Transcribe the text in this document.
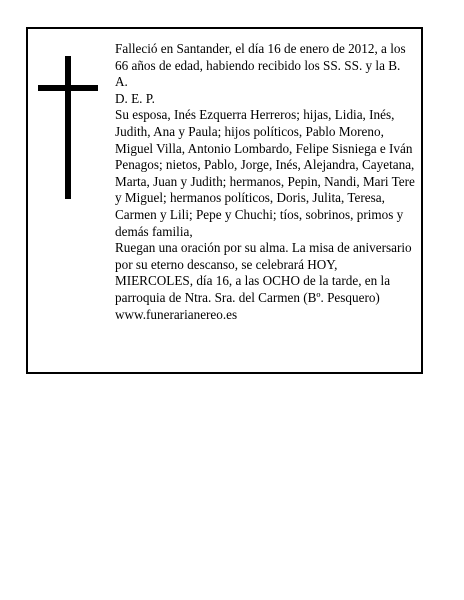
Falleció en Santander, el día 16 de enero de 2012, a los 66 años de edad, habiendo recibido los SS. SS. y la B. A.

D. E. P.

Su esposa, Inés Ezquerra Herreros; hijas, Lidia, Inés, Judith, Ana y Paula; hijos políticos, Pablo Moreno, Miguel Villa, Antonio Lombardo, Felipe Sisniega e Iván Penagos; nietos, Pablo, Jorge, Inés, Alejandra, Cayetana, Marta, Juan y Judith; hermanos, Pepin, Nandi, Mari Tere y Miguel; hermanos políticos, Doris, Julita, Teresa, Carmen y Lili; Pepe y Chuchi; tíos, sobrinos, primos y demás familia,

Ruegan una oración por su alma. La misa de aniversario por su eterno descanso, se celebrará HOY, MIERCOLES, día 16, a las OCHO de la tarde, en la parroquia de Ntra. Sra. del Carmen (Bº. Pesquero)

www.funerarianereo.es
